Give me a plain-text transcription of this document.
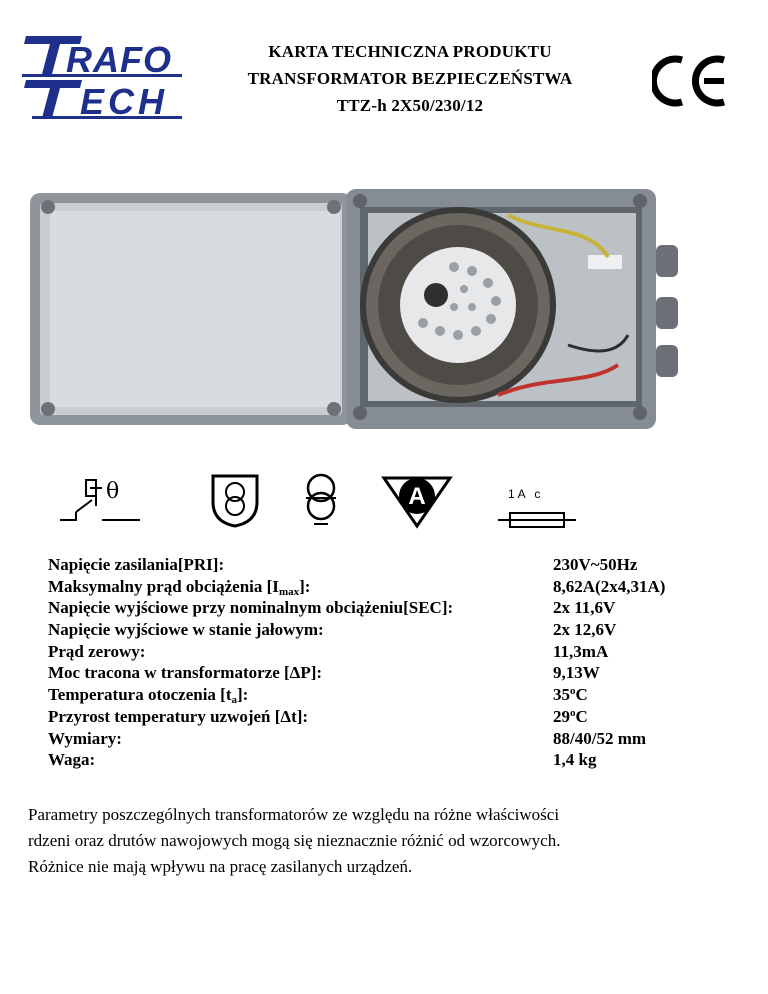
RAFO
ECH
KARTA TECHNICZNA PRODUKTU
TRANSFORMATOR BEZPIECZEŃSTWA
TTZ-h 2X50/230/12
θ	A	1A c
Napięcie zasilania[PRI]:	230V~50Hz
Maksymalny prąd obciążenia $[I_{max}]$:	8,62A(2x4,31A)
Napięcie wyjściowe przy nominalnym obciążeniu[SEC]:	2x 11,6V
Napięcie wyjściowe w stanie jałowym:	2x 12,6V
Prąd zerowy:	11,3mA
Moc tracona w transformatorze [ΔP]:	9,13W
Temperatura otoczenia $[t_a]$:	35$^o$C
Przyrost temperatury uzwojeń [Δt]:	29$^o$C
Wymiary:	88/40/52 mm
Waga:	1,4 kg
Parametry poszczególnych transformatorów ze względu na różne właściwości
rdzeni oraz drutów nawojowych mogą się nieznacznie różnić od wzorcowych.
Różnice nie mają wpływu na pracę zasilanych urządzeń.
